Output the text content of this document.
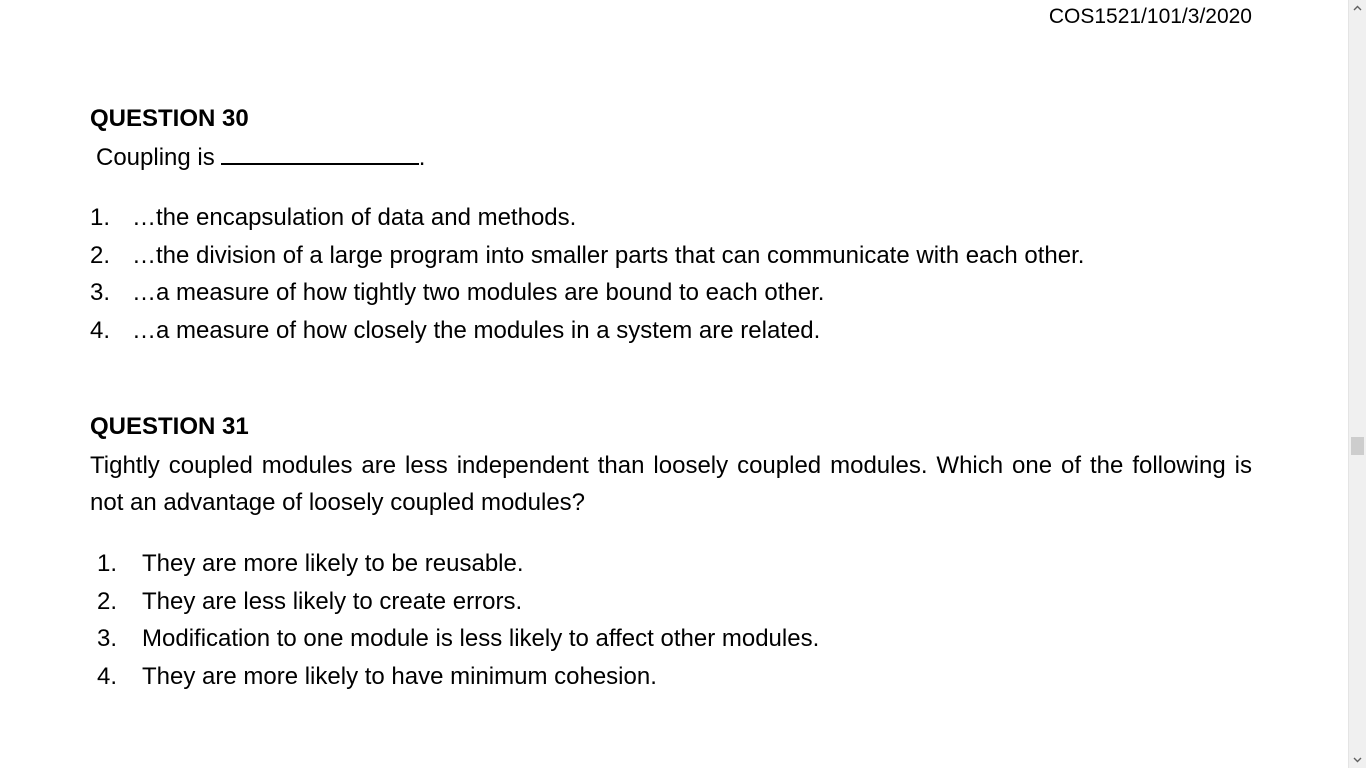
COS1521/101/3/2020
QUESTION 30
Coupling is	.
1. …the encapsulation of data and methods.
2. …the division of a large program into smaller parts that can communicate with each other.
3. …a measure of how tightly two modules are bound to each other.
4. …a measure of how closely the modules in a system are related.
QUESTION 31
Tightly coupled modules are less independent than loosely coupled modules. Which one of the following is not an advantage of loosely coupled modules?
1.	They are more likely to be reusable.
2.	They are less likely to create errors.
3.	Modification to one module is less likely to affect other modules.
4.	They are more likely to have minimum cohesion.
